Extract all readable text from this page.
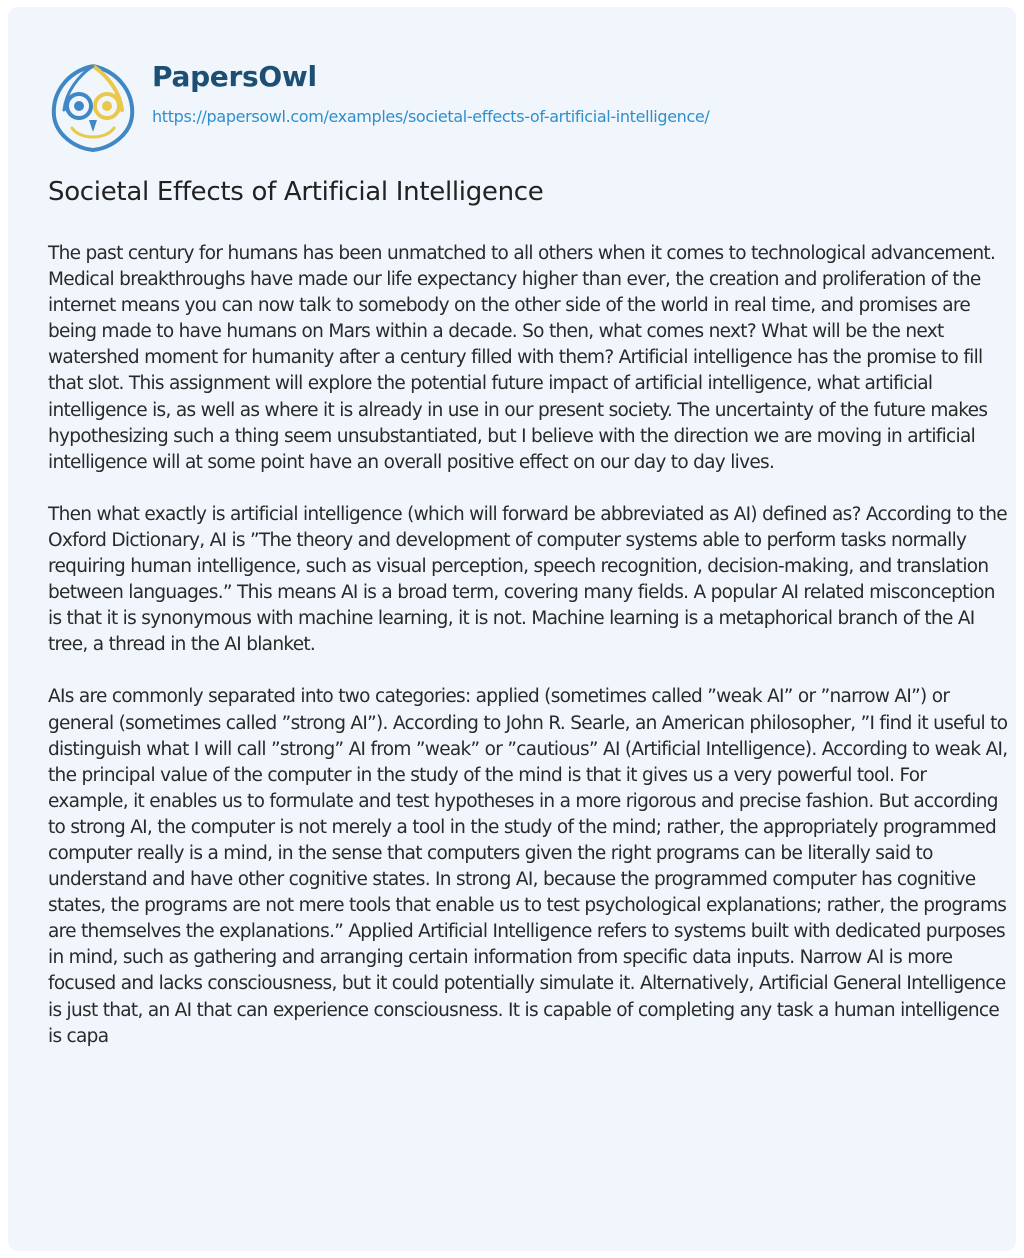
PapersOwl
https://papersowl.com/examples/societal-effects-of-artificial-intelligence/
Societal Effects of Artificial Intelligence

The past century for humans has been unmatched to all others when it comes to technological advancement. Medical breakthroughs have made our life expectancy higher than ever, the creation and proliferation of the internet means you can now talk to somebody on the other side of the world in real time, and promises are being made to have humans on Mars within a decade. So then, what comes next? What will be the next watershed moment for humanity after a century filled with them? Artificial intelligence has the promise to fill that slot. This assignment will explore the potential future impact of artificial intelligence, what artificial intelligence is, as well as where it is already in use in our present society. The uncertainty of the future makes hypothesizing such a thing seem unsubstantiated, but I believe with the direction we are moving in artificial intelligence will at some point have an overall positive effect on our day to day lives.

Then what exactly is artificial intelligence (which will forward be abbreviated as AI) defined as? According to the Oxford Dictionary, AI is ”The theory and development of computer systems able to perform tasks normally requiring human intelligence, such as visual perception, speech recognition, decision-making, and translation between languages.” This means AI is a broad term, covering many fields. A popular AI related misconception is that it is synonymous with machine learning, it is not. Machine learning is a metaphorical branch of the AI tree, a thread in the AI blanket.

AIs are commonly separated into two categories: applied (sometimes called ”weak AI” or ”narrow AI”) or general (sometimes called ”strong AI”). According to John R. Searle, an American philosopher, ”I find it useful to distinguish what I will call ”strong” AI from ”weak” or ”cautious” AI (Artificial Intelligence). According to weak AI, the principal value of the computer in the study of the mind is that it gives us a very powerful tool. For example, it enables us to formulate and test hypotheses in a more rigorous and precise fashion. But according to strong AI, the computer is not merely a tool in the study of the mind; rather, the appropriately programmed computer really is a mind, in the sense that computers given the right programs can be literally said to understand and have other cognitive states. In strong AI, because the programmed computer has cognitive states, the programs are not mere tools that enable us to test psychological explanations; rather, the programs are themselves the explanations.” Applied Artificial Intelligence refers to systems built with dedicated purposes in mind, such as gathering and arranging certain information from specific data inputs. Narrow AI is more focused and lacks consciousness, but it could potentially simulate it. Alternatively, Artificial General Intelligence is just that, an AI that can experience consciousness. It is capable of completing any task a human intelligence is capa
